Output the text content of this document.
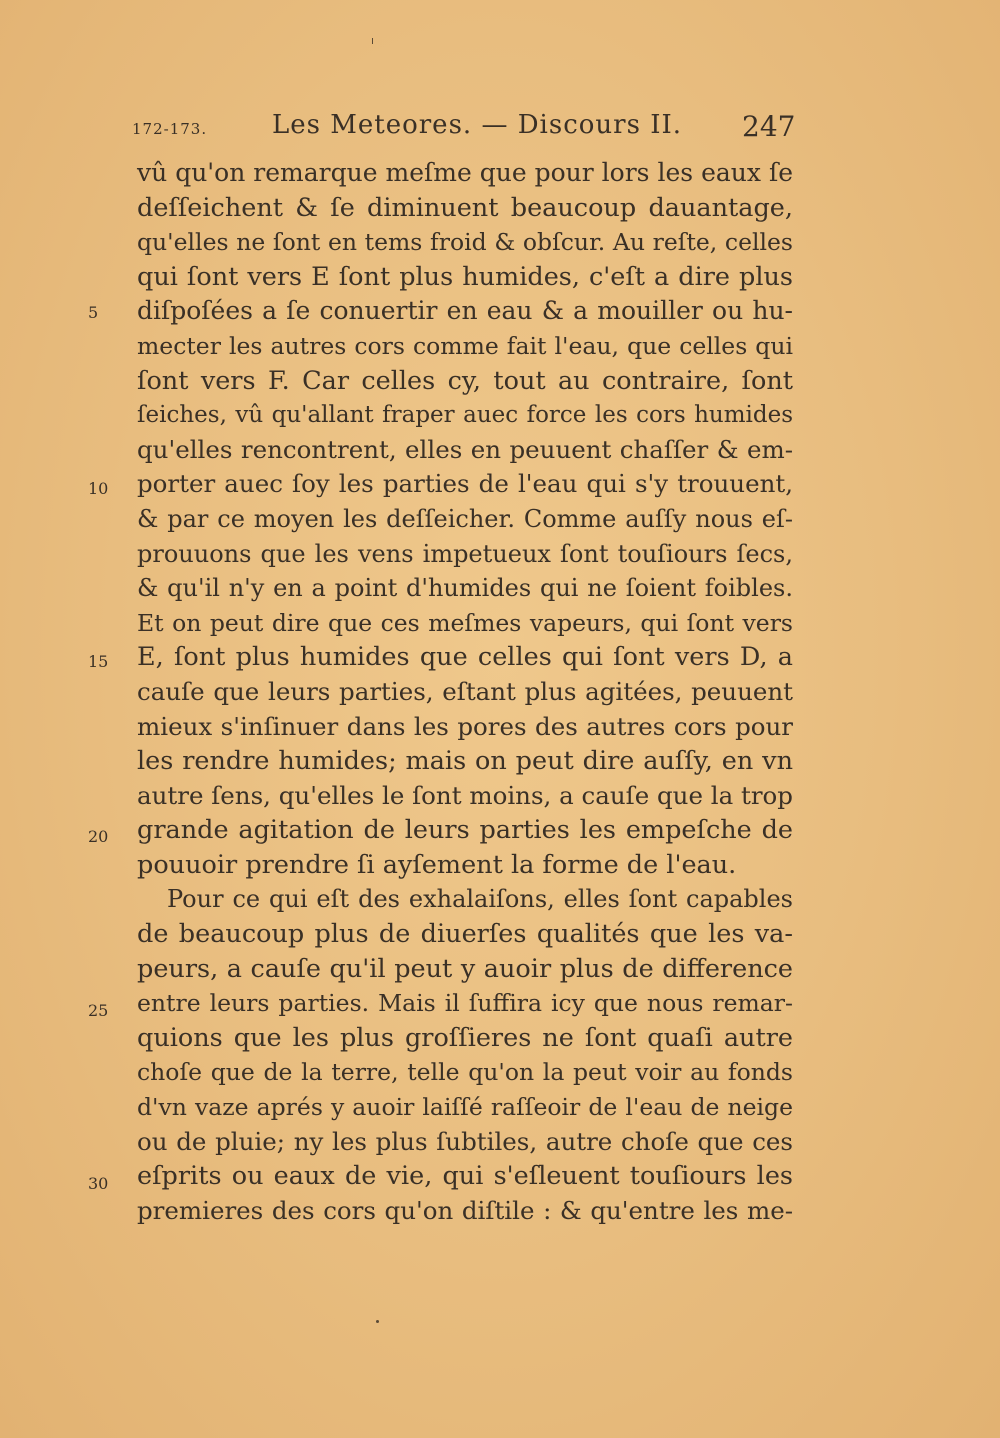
172-173. Les Meteores. — Discours II. 247
vû qu'on remarque meſme que pour lors les eaux ſe
deſſeichent & ſe diminuent beaucoup dauantage,
qu'elles ne ſont en tems froid & obſcur. Au reſte, celles
qui ſont vers E ſont plus humides, c'eſt a dire plus
diſpoſées a ſe conuertir en eau & a mouiller ou hu-
mecter les autres cors comme fait l'eau, que celles qui
ſont vers F. Car celles cy, tout au contraire, ſont
ſeiches, vû qu'allant fraper auec force les cors humides
qu'elles rencontrent, elles en peuuent chaſſer & em-
porter auec ſoy les parties de l'eau qui s'y trouuent,
& par ce moyen les deſſeicher. Comme auſſy nous eſ-
prouuons que les vens impetueux ſont touſiours ſecs,
& qu'il n'y en a point d'humides qui ne ſoient foibles.
Et on peut dire que ces meſmes vapeurs, qui ſont vers
E, ſont plus humides que celles qui ſont vers D, a
cauſe que leurs parties, eſtant plus agitées, peuuent
mieux s'inſinuer dans les pores des autres cors pour
les rendre humides; mais on peut dire auſſy, en vn
autre ſens, qu'elles le ſont moins, a cauſe que la trop
grande agitation de leurs parties les empeſche de
pouuoir prendre ſi ayſement la forme de l'eau.
Pour ce qui eſt des exhalaiſons, elles ſont capables
de beaucoup plus de diuerſes qualités que les va-
peurs, a cauſe qu'il peut y auoir plus de difference
entre leurs parties. Mais il ſuffira icy que nous remar-
quions que les plus groſſieres ne ſont quaſi autre
choſe que de la terre, telle qu'on la peut voir au fonds
d'vn vaze aprés y auoir laiſſé raſſeoir de l'eau de neige
ou de pluie; ny les plus ſubtiles, autre choſe que ces
eſprits ou eaux de vie, qui s'eſleuent touſiours les
premieres des cors qu'on diſtile : & qu'entre les me-
5
10
15
20
25
30
